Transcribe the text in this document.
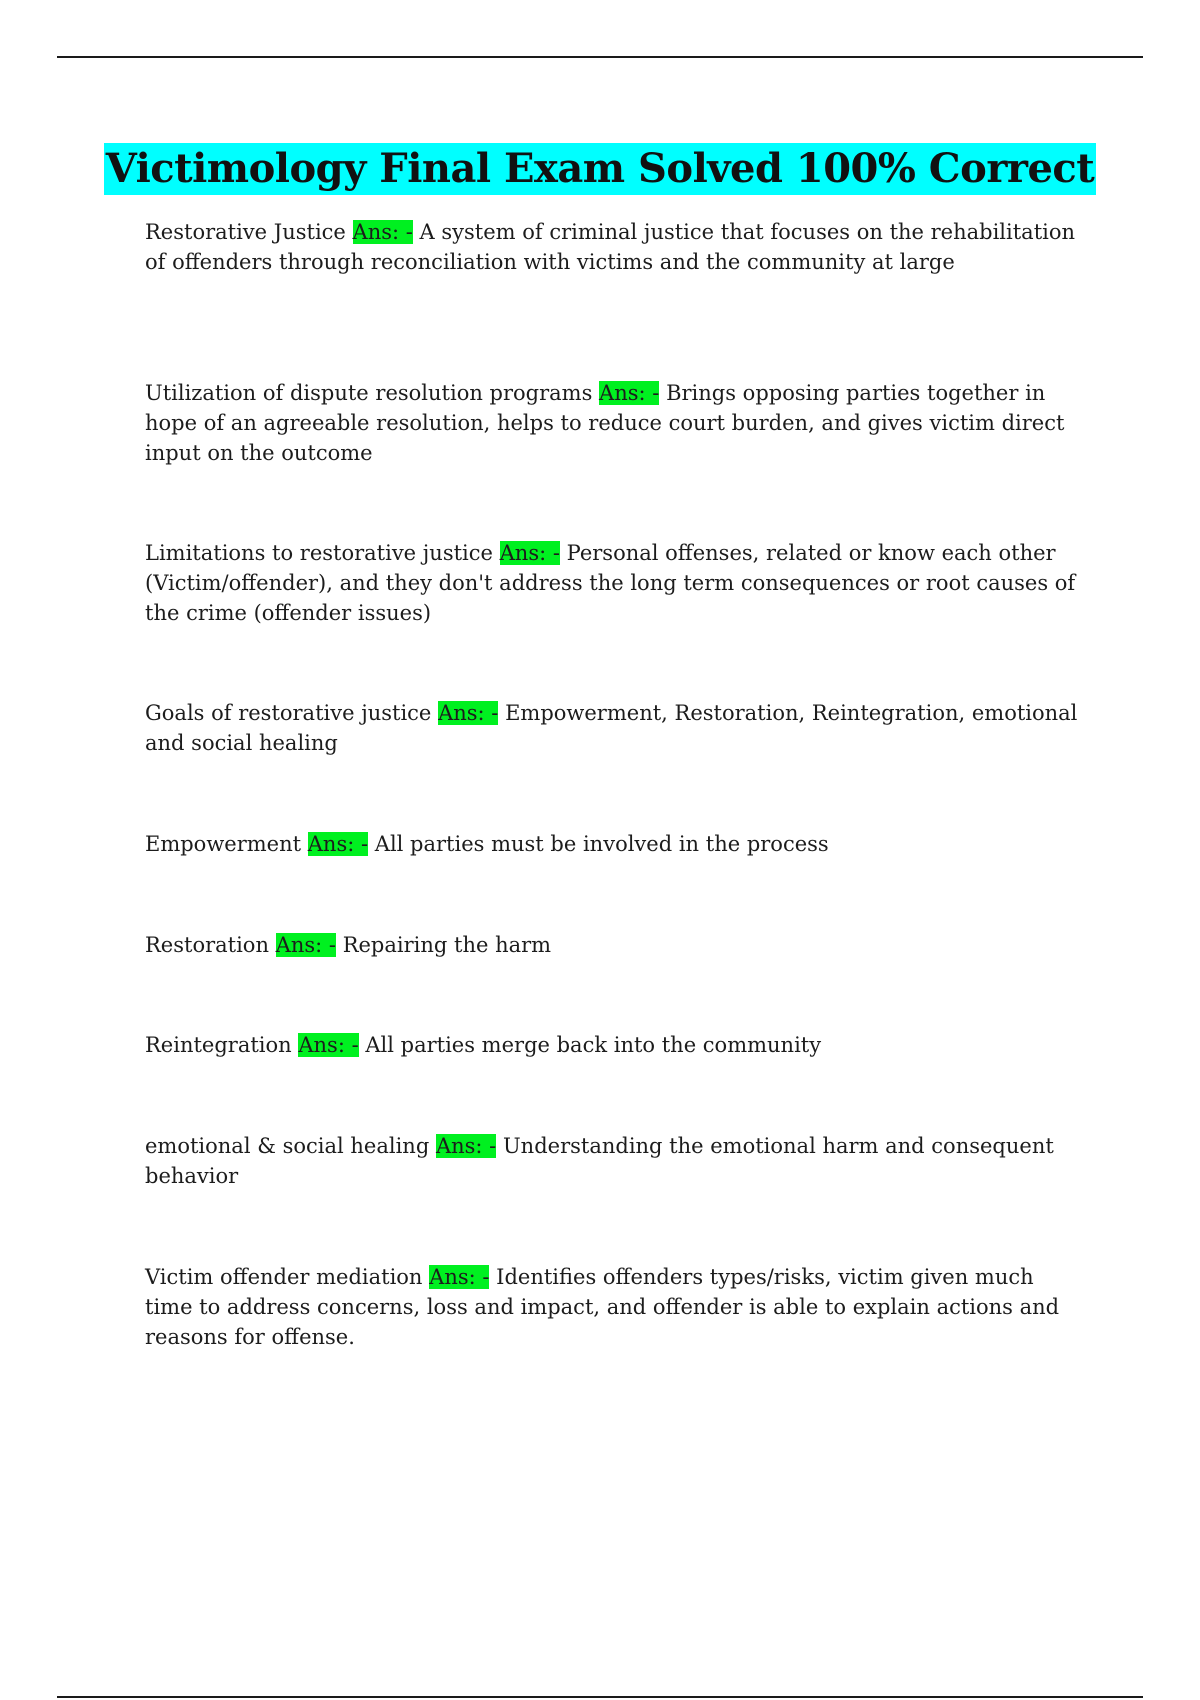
Victimology Final Exam Solved 100% Correct

Restorative Justice Ans: - A system of criminal justice that focuses on the rehabilitation of offenders through reconciliation with victims and the community at large

Utilization of dispute resolution programs Ans: - Brings opposing parties together in hope of an agreeable resolution, helps to reduce court burden, and gives victim direct input on the outcome

Limitations to restorative justice Ans: - Personal offenses, related or know each other (Victim/offender), and they don't address the long term consequences or root causes of the crime (offender issues)

Goals of restorative justice Ans: - Empowerment, Restoration, Reintegration, emotional and social healing

Empowerment Ans: - All parties must be involved in the process

Restoration Ans: - Repairing the harm

Reintegration Ans: - All parties merge back into the community

emotional & social healing Ans: - Understanding the emotional harm and consequent behavior

Victim offender mediation Ans: - Identifies offenders types/risks, victim given much time to address concerns, loss and impact, and offender is able to explain actions and reasons for offense.
